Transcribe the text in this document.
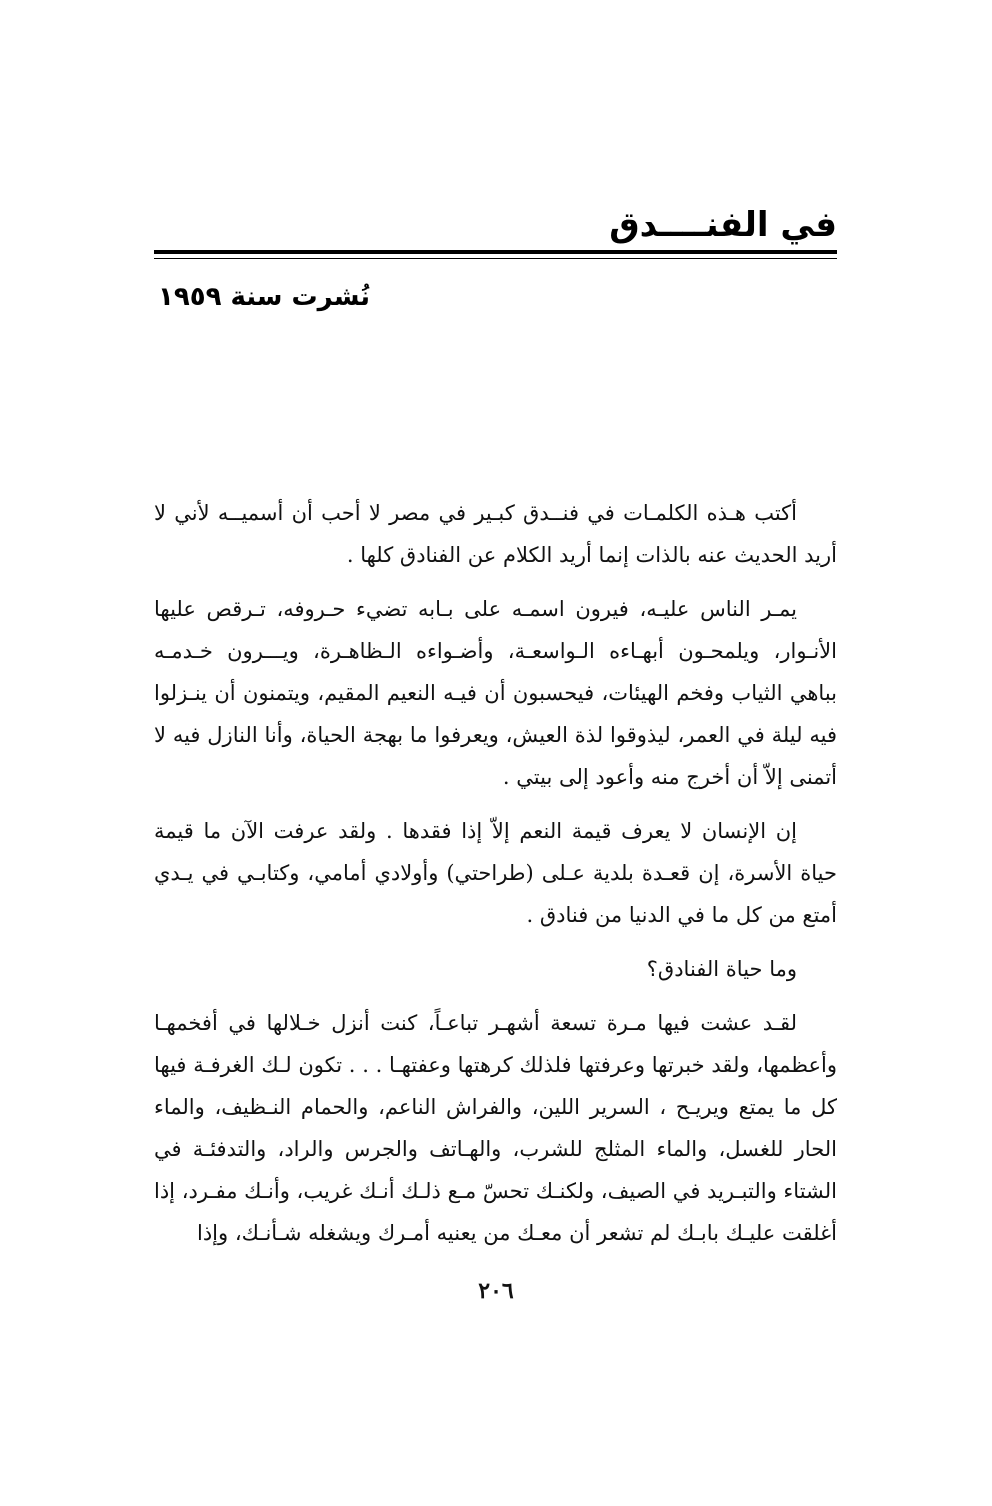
في الفنــــدق
نُشرت سنة ١٩٥٩

أكتب هـذه الكلمـات في فنــدق كبـير في مصر لا أحب أن أسميــه لأني لا أريد الحديث عنه بالذات إنما أريد الكلام عن الفنادق كلها .

يمـر الناس عليـه، فيرون اسمـه على بـابه تضيء حـروفه، تـرقص عليها الأنـوار، ويلمحـون أبهـاءه الـواسعـة، وأضـواءه الـظاهـرة، ويـــرون خـدمـه بباهي الثياب وفخم الهيئات، فيحسبون أن فيـه النعيم المقيم، ويتمنون أن ينـزلوا فيه ليلة في العمر، ليذوقوا لذة العيش، ويعرفوا ما بهجة الحياة، وأنا النازل فيه لا أتمنى إلاّ أن أخرج منه وأعود إلى بيتي .

إن الإنسان لا يعرف قيمة النعم إلاّ إذا فقدها . ولقد عرفت الآن ما قيمة حياة الأسرة، إن قعـدة بلدية عـلى (طراحتي) وأولادي أمامي، وكتابـي في يـدي أمتع من كل ما في الدنيا من فنادق .

وما حياة الفنادق؟

لقـد عشت فيها مـرة تسعة أشهـر تباعـاً، كنت أنزل خـلالها في أفخمهـا وأعظمها، ولقد خبرتها وعرفتها فلذلك كرهتها وعفتهـا . . . تكون لـك الغرفـة فيها كل ما يمتع ويريـح ، السرير اللين، والفراش الناعم، والحمام النـظيف، والماء الحار للغسل، والماء المثلج للشرب، والهـاتف والجرس والراد، والتدفئـة في الشتاء والتبـريد في الصيف، ولكنـك تحسّ مـع ذلـك أنـك غريب، وأنـك مفـرد، إذا أغلقت عليـك بابـك لم تشعر أن معـك من يعنيه أمـرك ويشغله شـأنـك، وإذا

٢٠٦
